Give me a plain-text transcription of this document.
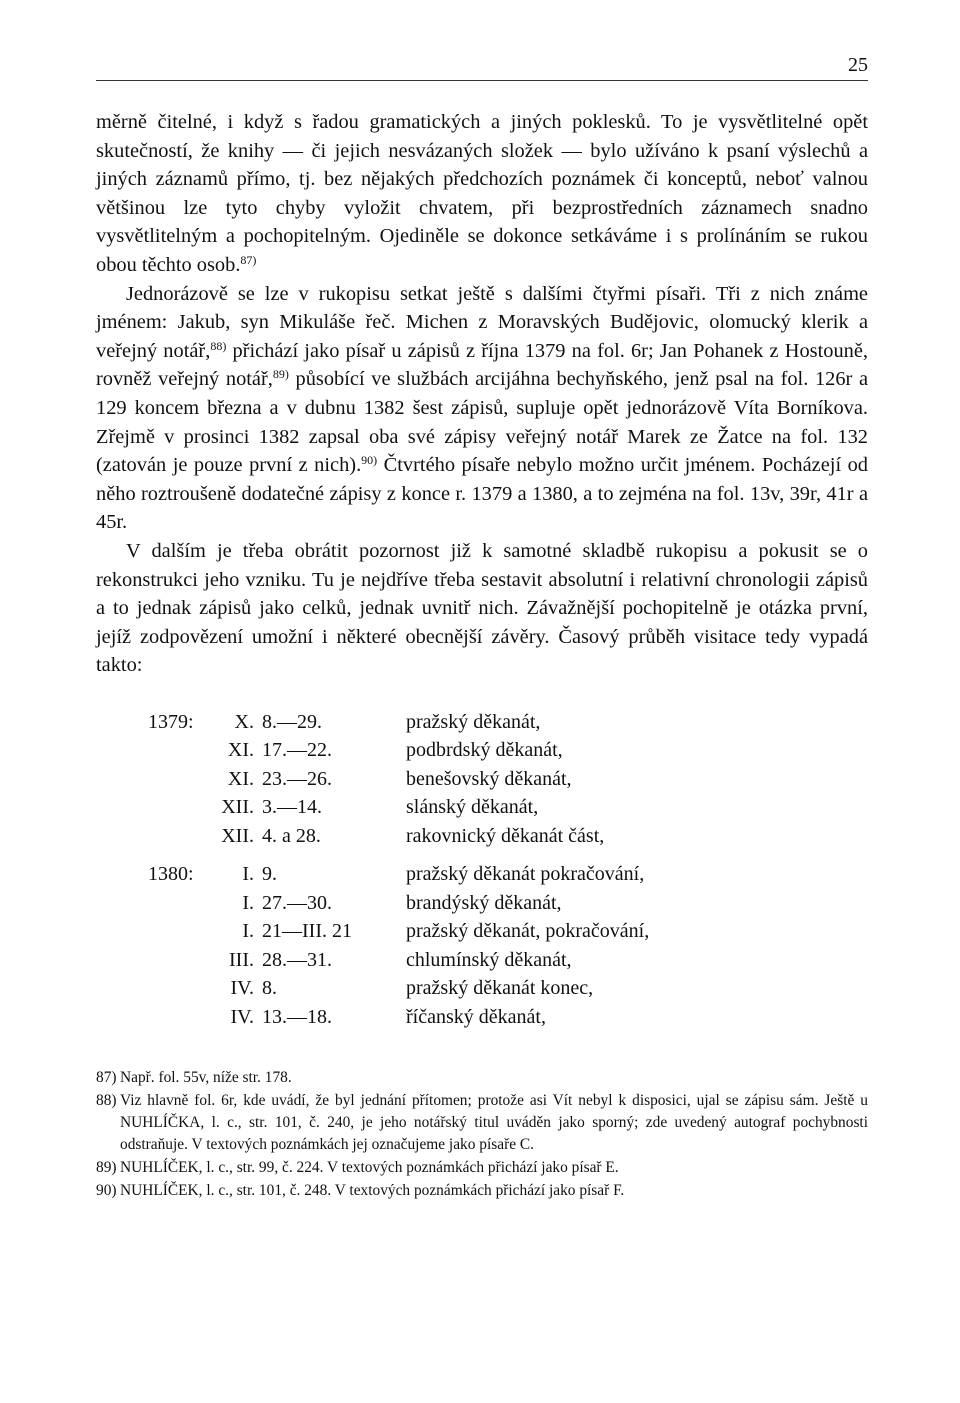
25

měrně čitelné, i když s řadou gramatických a jiných poklesků. To je vysvětlitelné opět skutečností, že knihy — či jejich nesvázaných složek — bylo užíváno k psaní výslechů a jiných záznamů přímo, tj. bez nějakých předchozích poznámek či konceptů, neboť valnou většinou lze tyto chyby vyložit chvatem, při bezprostředních záznamech snadno vysvětlitelným a pochopitelným. Ojediněle se dokonce setkáváme i s prolínáním se rukou obou těchto osob.$^{87)}$

Jednorázově se lze v rukopisu setkat ještě s dalšími čtyřmi písaři. Tři z nich známe jménem: Jakub, syn Mikuláše řeč. Michen z Moravských Budějovic, olomucký klerik a veřejný notář,$^{88)}$ přichází jako písař u zápisů z října 1379 na fol. 6r; Jan Pohanek z Hostouně, rovněž veřejný notář,$^{89)}$ působící ve službách arcijáhna bechyňského, jenž psal na fol. 126r a 129 koncem března a v dubnu 1382 šest zápisů, supluje opět jednorázově Víta Borníkova. Zřejmě v prosinci 1382 zapsal oba své zápisy veřejný notář Marek ze Žatce na fol. 132 (zatován je pouze první z nich).$^{90)}$ Čtvrtého písaře nebylo možno určit jménem. Pocházejí od něho roztroušeně dodatečné zápisy z konce r. 1379 a 1380, a to zejména na fol. 13v, 39r, 41r a 45r.

V dalším je třeba obrátit pozornost již k samotné skladbě rukopisu a pokusit se o rekonstrukci jeho vzniku. Tu je nejdříve třeba sestavit absolutní i relativní chronologii zápisů a to jednak zápisů jako celků, jednak uvnitř nich. Závažnější pochopitelně je otázka první, jejíž zodpovězení umožní i některé obecnější závěry. Časový průběh visitace tedy vypadá takto:

1379:	X. 8.—29.	pražský děkanát,
XI. 17.—22.	podbrdský děkanát,
XI. 23.—26.	benešovský děkanát,
XII. 3.—14.	slánský děkanát,
XII. 4. a 28.	rakovnický děkanát část,
1380:	I. 9.	pražský děkanát pokračování,
I. 27.—30.	brandýský děkanát,
I. 21—III. 21	pražský děkanát, pokračování,
III. 28.—31.	chlumínský děkanát,
IV. 8.	pražský děkanát konec,
IV. 13.—18.	říčanský děkanát,
87) Např. fol. 55v, níže str. 178.
88) Viz hlavně fol. 6r, kde uvádí, že byl jednání přítomen; protože asi Vít nebyl k disposici, ujal se zápisu sám. Ještě u NUHLÍČKA, l. c., str. 101, č. 240, je jeho notářský titul uváděn jako sporný; zde uvedený autograf pochybnosti odstraňuje. V textových poznámkách jej označujeme jako písaře C.
89) NUHLÍČEK, l. c., str. 99, č. 224. V textových poznámkách přichází jako písař E.
90) NUHLÍČEK, l. c., str. 101, č. 248. V textových poznámkách přichází jako písař F.
